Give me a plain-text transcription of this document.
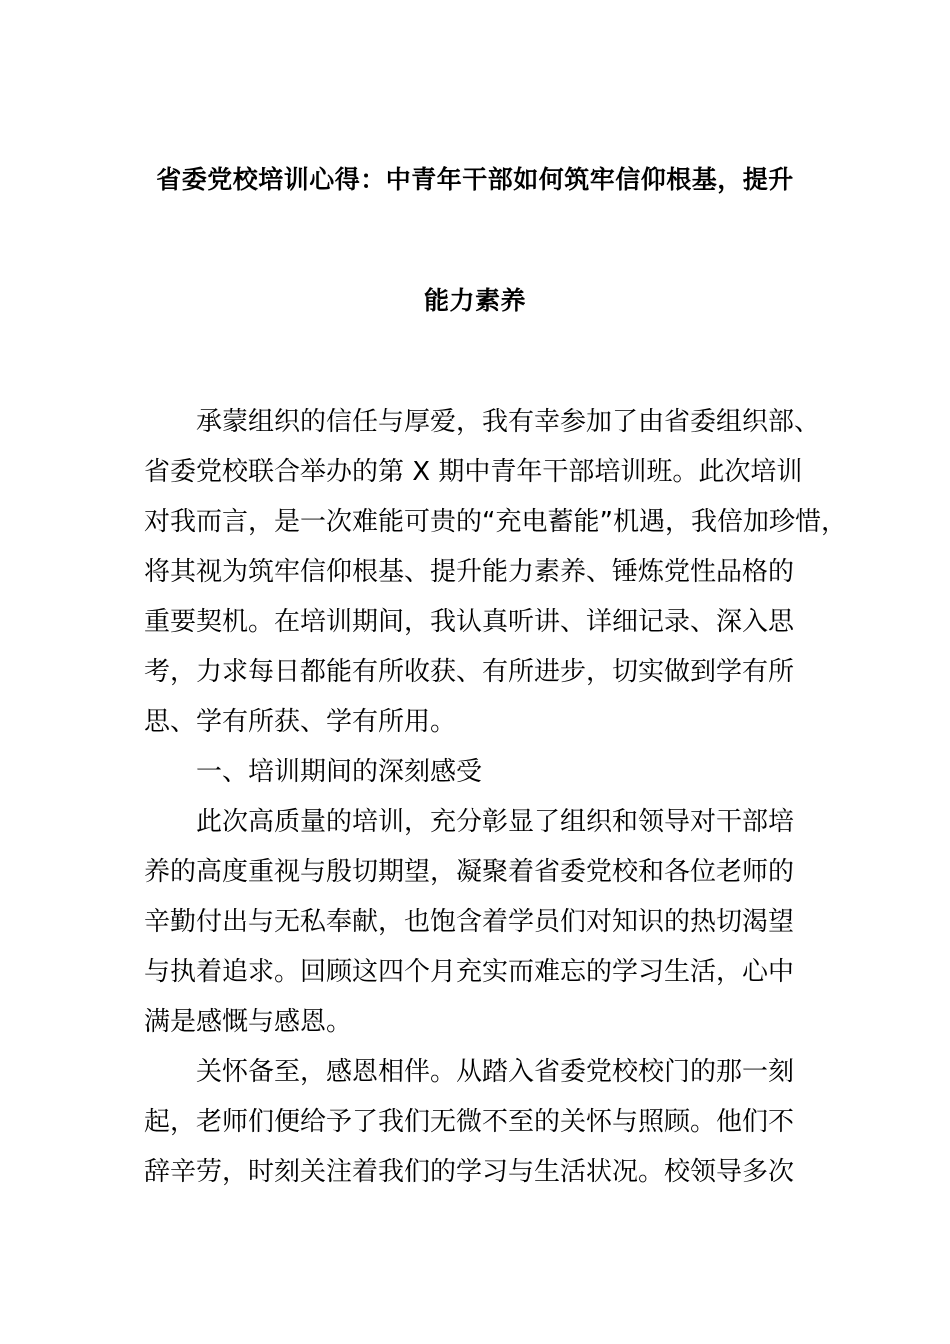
省委党校培训心得：中青年干部如何筑牢信仰根基，提升
能力素养
承蒙组织的信任与厚爱，我有幸参加了由省委组织部、
省委党校联合举办的第 X 期中青年干部培训班。此次培训
对我而言，是一次难能可贵的“充电蓄能”机遇，我倍加珍惜，
将其视为筑牢信仰根基、提升能力素养、锤炼党性品格的
重要契机。在培训期间，我认真听讲、详细记录、深入思
考，力求每日都能有所收获、有所进步，切实做到学有所
思、学有所获、学有所用。
一、培训期间的深刻感受
此次高质量的培训，充分彰显了组织和领导对干部培
养的高度重视与殷切期望，凝聚着省委党校和各位老师的
辛勤付出与无私奉献，也饱含着学员们对知识的热切渴望
与执着追求。回顾这四个月充实而难忘的学习生活，心中
满是感慨与感恩。
关怀备至，感恩相伴。从踏入省委党校校门的那一刻
起，老师们便给予了我们无微不至的关怀与照顾。他们不
辞辛劳，时刻关注着我们的学习与生活状况。校领导多次
